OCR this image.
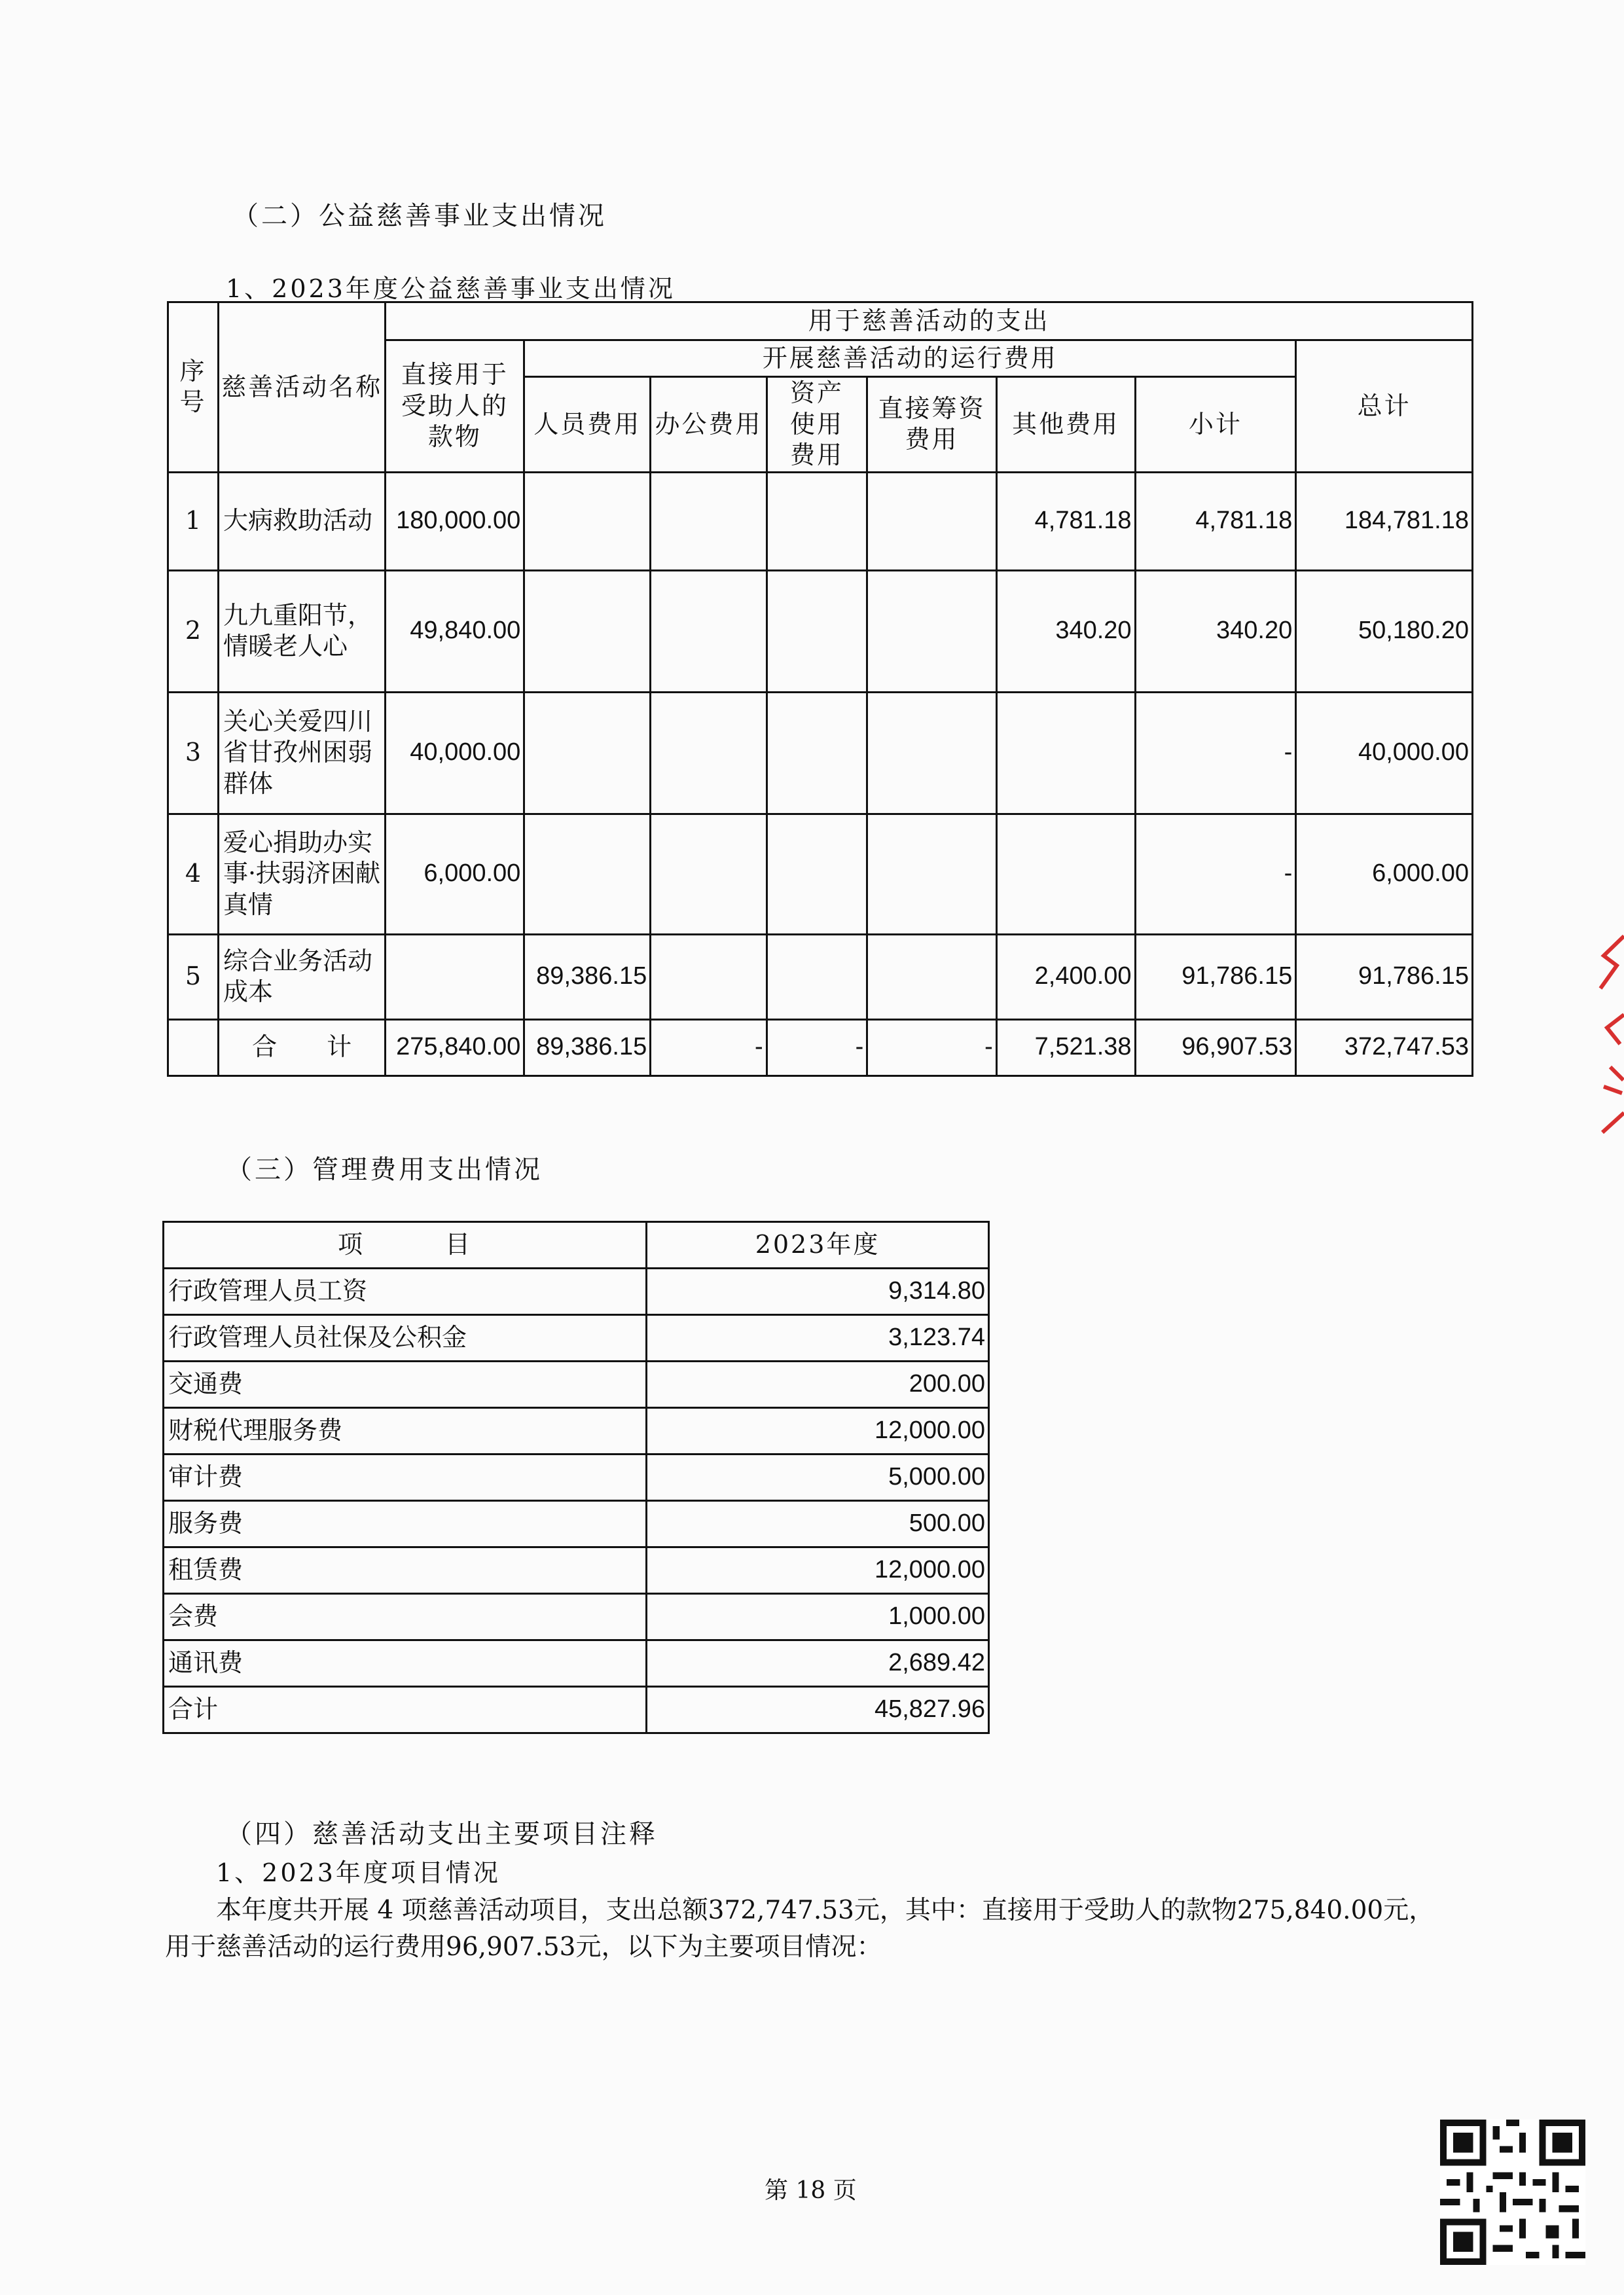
（二）公益慈善事业支出情况
1、2023年度公益慈善事业支出情况
序号	慈善活动名称	用于慈善活动的支出							
		直接用于受助人的款物	开展慈善活动的运行费用						总计
			人员费用	办公费用	资产使用费用	直接筹资费用	其他费用	小计	
1	大病救助活动	180,000.00					4,781.18	4,781.18	184,781.18
2	九九重阳节，情暖老人心	49,840.00					340.20	340.20	50,180.20
3	关心关爱四川省甘孜州困弱群体	40,000.00						-	40,000.00
4	爱心捐助办实事·扶弱济困献真情	6,000.00						-	6,000.00
5	综合业务活动成本		89,386.15				2,400.00	91,786.15	91,786.15
	合　　计	275,840.00	89,386.15	-	-	-	7,521.38	96,907.53	372,747.53
（三）管理费用支出情况
项　　　目	2023年度
行政管理人员工资	9,314.80
行政管理人员社保及公积金	3,123.74
交通费	200.00
财税代理服务费	12,000.00
审计费	5,000.00
服务费	500.00
租赁费	12,000.00
会费	1,000.00
通讯费	2,689.42
合计	45,827.96
（四）慈善活动支出主要项目注释
1、2023年度项目情况
本年度共开展 4 项慈善活动项目，支出总额372,747.53元，其中：直接用于受助人的款物275,840.00元，
用于慈善活动的运行费用96,907.53元，以下为主要项目情况：
第 18 页
